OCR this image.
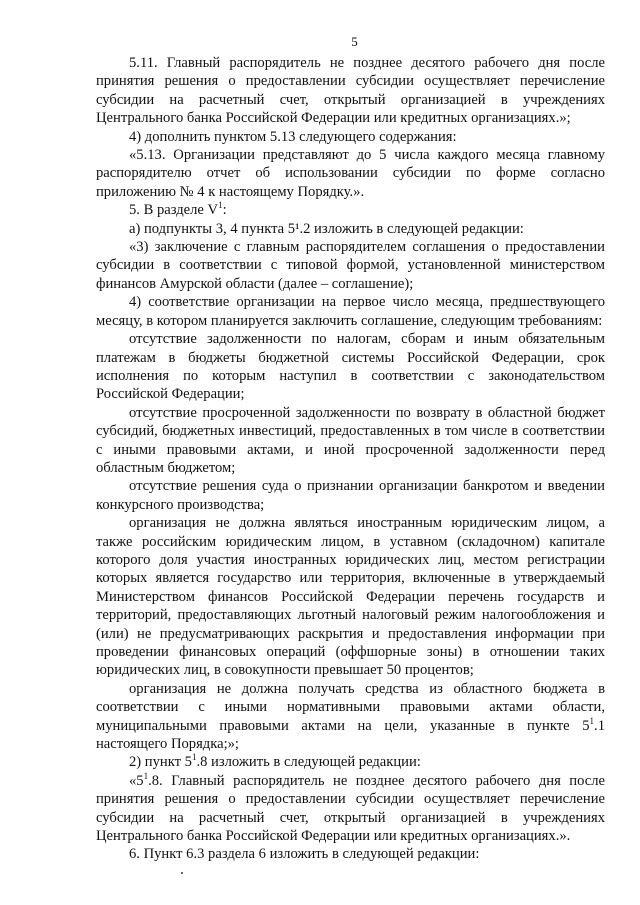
5

5.11. Главный распорядитель не позднее десятого рабочего дня после принятия решения о предоставлении субсидии осуществляет перечисление субсидии на расчетный счет, открытый организацией в учреждениях Центрального банка Российской Федерации или кредитных организациях.»;

4) дополнить пунктом 5.13 следующего содержания:

«5.13. Организации представляют до 5 числа каждого месяца главному распорядителю отчет об использовании субсидии по форме согласно приложению № 4 к настоящему Порядку.».

5. В разделе $V^1$:

а) подпункты 3, 4 пункта 5¹.2 изложить в следующей редакции:

«3) заключение с главным распорядителем соглашения о предоставлении субсидии в соответствии с типовой формой, установленной министерством финансов Амурской области (далее – соглашение);

4) соответствие организации на первое число месяца, предшествующего месяцу, в котором планируется заключить соглашение, следующим требованиям:

отсутствие задолженности по налогам, сборам и иным обязательным платежам в бюджеты бюджетной системы Российской Федерации, срок исполнения по которым наступил в соответствии с законодательством Российской Федерации;

отсутствие просроченной задолженности по возврату в областной бюджет субсидий, бюджетных инвестиций, предоставленных в том числе в соответствии с иными правовыми актами, и иной просроченной задолженности перед областным бюджетом;

отсутствие решения суда о признании организации банкротом и введении конкурсного производства;

организация не должна являться иностранным юридическим лицом, а также российским юридическим лицом, в уставном (складочном) капитале которого доля участия иностранных юридических лиц, местом регистрации которых является государство или территория, включенные в утверждаемый Министерством финансов Российской Федерации перечень государств и территорий, предоставляющих льготный налоговый режим налогообложения и (или) не предусматривающих раскрытия и предоставления информации при проведении финансовых операций (оффшорные зоны) в отношении таких юридических лиц, в совокупности превышает 50 процентов;

организация не должна получать средства из областного бюджета в соответствии с иными нормативными правовыми актами области, муниципальными правовыми актами на цели, указанные в пункте $5^1.1$ настоящего Порядка;»;

2) пункт $5^1.8$ изложить в следующей редакции:

«$5^1.8$. Главный распорядитель не позднее десятого рабочего дня после принятия решения о предоставлении субсидии осуществляет перечисление субсидии на расчетный счет, открытый организацией в учреждениях Центрального банка Российской Федерации или кредитных организациях.».

6. Пункт 6.3 раздела 6 изложить в следующей редакции:
